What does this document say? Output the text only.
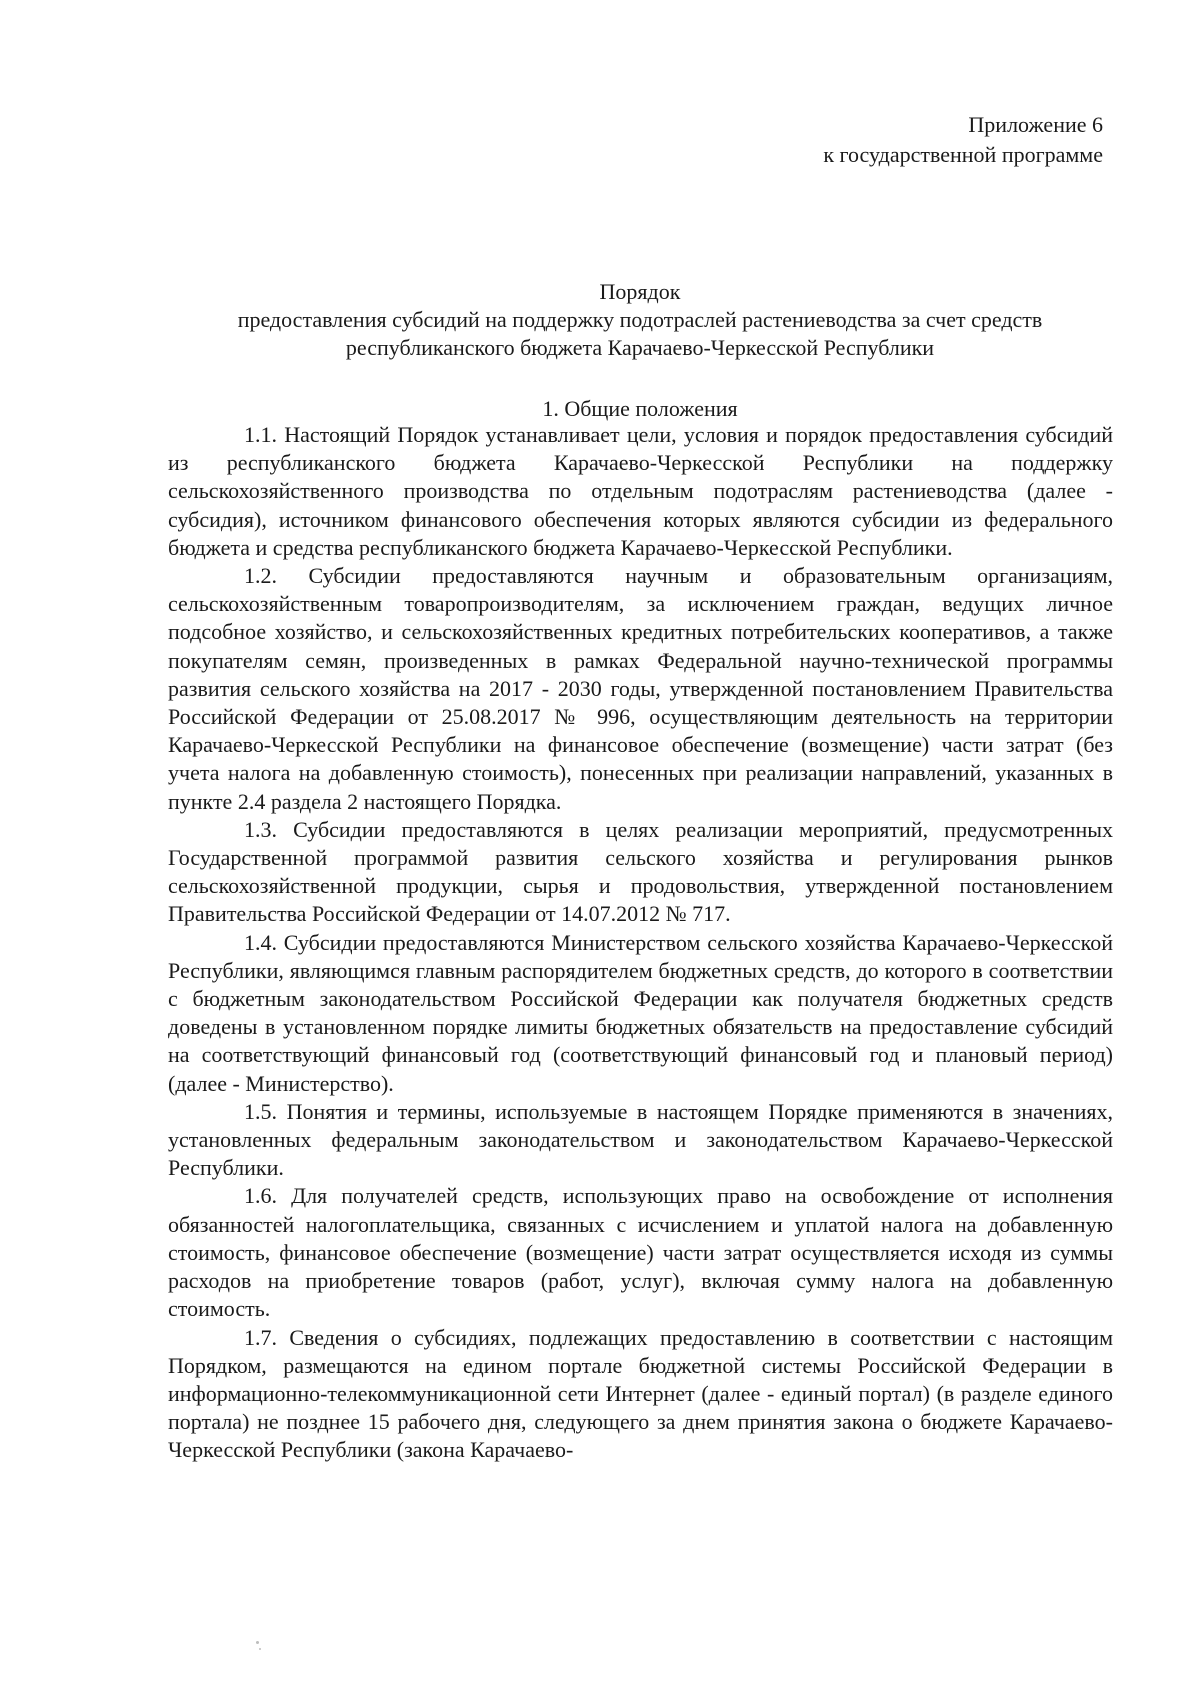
Приложение 6
к государственной программе
Порядок
предоставления субсидий на поддержку подотраслей растениеводства за счет средств
республиканского бюджета Карачаево-Черкесской Республики
1. Общие положения

1.1. Настоящий Порядок устанавливает цели, условия и порядок предоставления субсидий из республиканского бюджета Карачаево-Черкесской Республики на поддержку сельскохозяйственного производства по отдельным подотраслям растениеводства (далее - субсидия), источником финансового обеспечения которых являются субсидии из федерального бюджета и средства республиканского бюджета Карачаево-Черкесской Республики.

1.2. Субсидии предоставляются научным и образовательным организациям, сельскохозяйственным товаропроизводителям, за исключением граждан, ведущих личное подсобное хозяйство, и сельскохозяйственных кредитных потребительских кооперативов, а также покупателям семян, произведенных в рамках Федеральной научно-технической программы развития сельского хозяйства на 2017 - 2030 годы, утвержденной постановлением Правительства Российской Федерации от 25.08.2017 № 996, осуществляющим деятельность на территории Карачаево-Черкесской Республики на финансовое обеспечение (возмещение) части затрат (без учета налога на добавленную стоимость), понесенных при реализации направлений, указанных в пункте 2.4 раздела 2 настоящего Порядка.

1.3. Субсидии предоставляются в целях реализации мероприятий, предусмотренных Государственной программой развития сельского хозяйства и регулирования рынков сельскохозяйственной продукции, сырья и продовольствия, утвержденной постановлением Правительства Российской Федерации от 14.07.2012 № 717.

1.4. Субсидии предоставляются Министерством сельского хозяйства Карачаево-Черкесской Республики, являющимся главным распорядителем бюджетных средств, до которого в соответствии с бюджетным законодательством Российской Федерации как получателя бюджетных средств доведены в установленном порядке лимиты бюджетных обязательств на предоставление субсидий на соответствующий финансовый год (соответствующий финансовый год и плановый период) (далее - Министерство).

1.5. Понятия и термины, используемые в настоящем Порядке применяются в значениях, установленных федеральным законодательством и законодательством Карачаево-Черкесской Республики.

1.6. Для получателей средств, использующих право на освобождение от исполнения обязанностей налогоплательщика, связанных с исчислением и уплатой налога на добавленную стоимость, финансовое обеспечение (возмещение) части затрат осуществляется исходя из суммы расходов на приобретение товаров (работ, услуг), включая сумму налога на добавленную стоимость.

1.7. Сведения о субсидиях, подлежащих предоставлению в соответствии с настоящим Порядком, размещаются на едином портале бюджетной системы Российской Федерации в информационно-телекоммуникационной сети Интернет (далее - единый портал) (в разделе единого портала) не позднее 15 рабочего дня, следующего за днем принятия закона о бюджете Карачаево-Черкесской Республики (закона Карачаево-
